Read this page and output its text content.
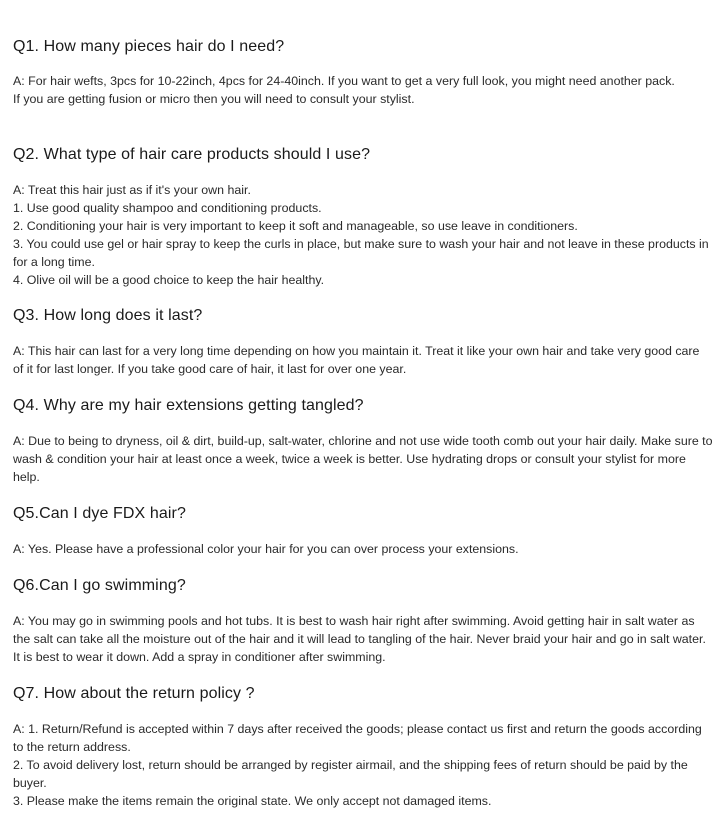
Q1. How many pieces hair do I need?

A: For hair wefts, 3pcs for 10-22inch, 4pcs for 24-40inch. If you want to get a very full look, you might need another pack.

If you are getting fusion or micro then you will need to consult your stylist.

Q2. What type of hair care products should I use?

A: Treat this hair just as if it's your own hair.

1. Use good quality shampoo and conditioning products.

2. Conditioning your hair is very important to keep it soft and manageable, so use leave in conditioners.

3. You could use gel or hair spray to keep the curls in place, but make sure to wash your hair and not leave in these products in for a long time.

4. Olive oil will be a good choice to keep the hair healthy.

Q3. How long does it last?

A: This hair can last for a very long time depending on how you maintain it. Treat it like your own hair and take very good care of it for last longer. If you take good care of hair, it last for over one year.

Q4. Why are my hair extensions getting tangled?

A: Due to being to dryness, oil & dirt, build-up, salt-water, chlorine and not use wide tooth comb out your hair daily. Make sure to wash & condition your hair at least once a week, twice a week is better. Use hydrating drops or consult your stylist for more help.

Q5.Can I dye FDX hair?

A: Yes. Please have a professional color your hair for you can over process your extensions.

Q6.Can I go swimming?

A: You may go in swimming pools and hot tubs. It is best to wash hair right after swimming. Avoid getting hair in salt water as the salt can take all the moisture out of the hair and it will lead to tangling of the hair. Never braid your hair and go in salt water. It is best to wear it down. Add a spray in conditioner after swimming.

Q7. How about the return policy ?

A: 1. Return/Refund is accepted within 7 days after received the goods; please contact us first and return the goods according to the return address.

2. To avoid delivery lost, return should be arranged by register airmail, and the shipping fees of return should be paid by the buyer.

3. Please make the items remain the original state. We only accept not damaged items.
